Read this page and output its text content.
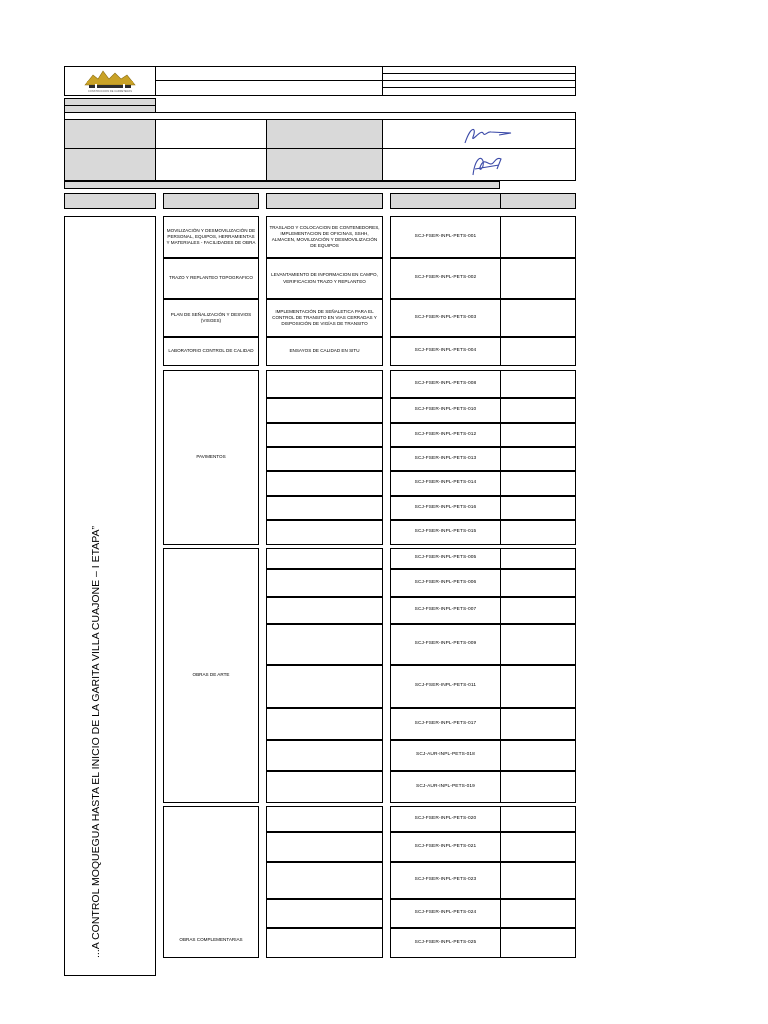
CONSTRUCCION DE CARRETERAS
...A CONTROL MOQUEGUA HASTA EL INICIO DE LA GARITA VILLA CUAJONE – I ETAPA”
MOVILIZACIÓN Y DESMOVILIZACIÓN DE PERSONAL, EQUIPOS, HERRAMIENTAS Y MATERIALES - FACILIDADES DE OBRA
TRASLADO Y COLOCACION DE CONTENEDORES, IMPLEMENTACION DE OFICINAS, SSHH, ALMACEN, MOVILIZACIÓN Y DESMOVILIZACIÓN DE EQUIPOS
SCJ-FSER-INPL-PETS-001
TRAZO Y REPLANTEO TOPOGRAFICO
LEVANTAMIENTO DE INFORMACION EN CAMPO, VERIFICACION TRAZO Y REPLANTEO
SCJ-FSER-INPL-PETS-002
PLAN DE SEÑALIZACIÓN Y DESVIOS (VISGES)
IMPLEMENTACIÓN DE SEÑALETICA PARA EL CONTROL DE TRANSITO EN VIAS CERRADAS Y DISPOSICIÓN DE VIGÍAS DE TRANSITO
SCJ-FSER-INPL-PETS-003
LABORATORIO CONTROL DE CALIDAD	ENSAYOS DE CALIDAD EN SITU	SCJ-FSER-INPL-PETS-004
PAVIMENTOS
SCJ-FSER-INPL-PETS-008
SCJ-FSER-INPL-PETS-010
SCJ-FSER-INPL-PETS-012
SCJ-FSER-INPL-PETS-013
SCJ-FSER-INPL-PETS-014
SCJ-FSER-INPL-PETS-016
SCJ-FSER-INPL-PETS-015
OBRAS DE ARTE
SCJ-FSER-INPL-PETS-005
SCJ-FSER-INPL-PETS-006
SCJ-FSER-INPL-PETS-007
SCJ-FSER-INPL-PETS-009
SCJ-FSER-INPL-PETS-011
SCJ-FSER-INPL-PETS-017
SCJ-AUR-INPL-PETS-018
SCJ-AUR-INPL-PETS-019
OBRAS COMPLEMENTARIAS
SCJ-FSER-INPL-PETS-020
SCJ-FSER-INPL-PETS-021
SCJ-FSER-INPL-PETS-023
SCJ-FSER-INPL-PETS-024
SCJ-FSER-INPL-PETS-025
